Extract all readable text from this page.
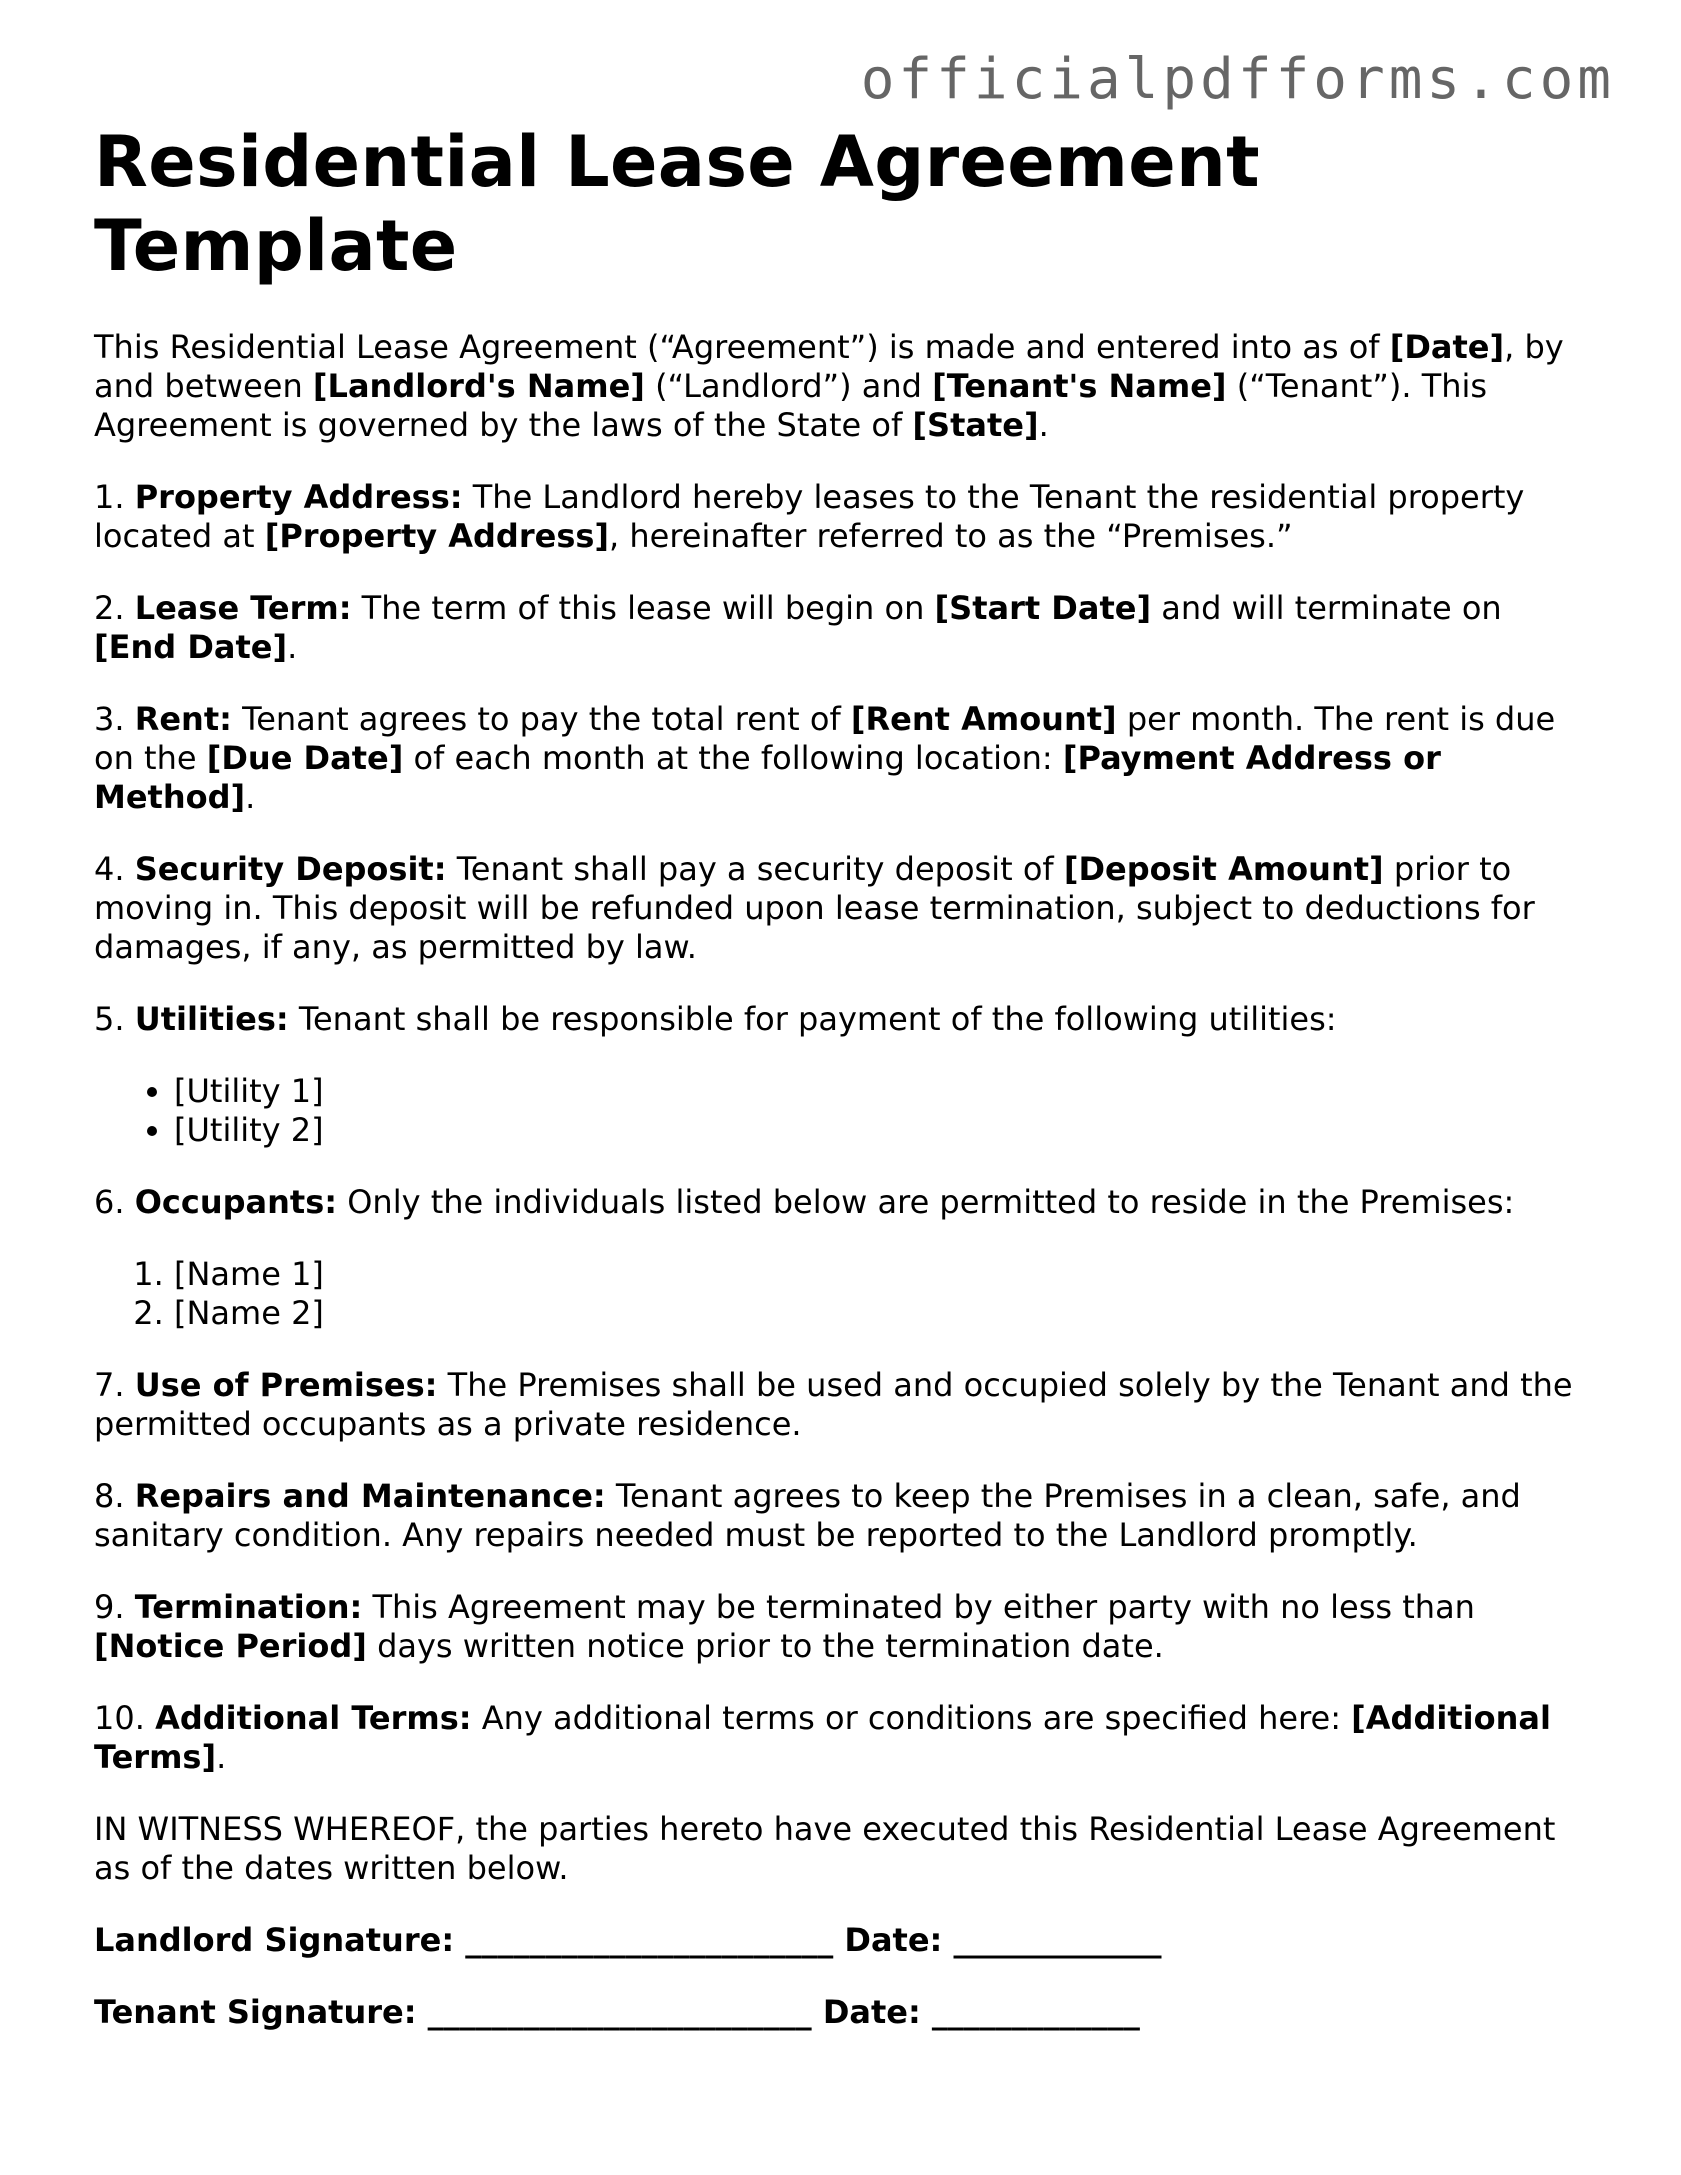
officialpdfforms.com
Residential Lease Agreement Template

This Residential Lease Agreement (“Agreement”) is made and entered into as of [Date], by and between [Landlord's Name] (“Landlord”) and [Tenant's Name] (“Tenant”). This Agreement is governed by the laws of the State of [State].

1. Property Address: The Landlord hereby leases to the Tenant the residential property located at [Property Address], hereinafter referred to as the “Premises.”

2. Lease Term: The term of this lease will begin on [Start Date] and will terminate on [End Date].

3. Rent: Tenant agrees to pay the total rent of [Rent Amount] per month. The rent is due on the [Due Date] of each month at the following location: [Payment Address or Method].

4. Security Deposit: Tenant shall pay a security deposit of [Deposit Amount] prior to moving in. This deposit will be refunded upon lease termination, subject to deductions for damages, if any, as permitted by law.

5. Utilities: Tenant shall be responsible for payment of the following utilities:

• [Utility 1]
• [Utility 2]

6. Occupants: Only the individuals listed below are permitted to reside in the Premises:

1. [Name 1]
2. [Name 2]

7. Use of Premises: The Premises shall be used and occupied solely by the Tenant and the permitted occupants as a private residence.

8. Repairs and Maintenance: Tenant agrees to keep the Premises in a clean, safe, and sanitary condition. Any repairs needed must be reported to the Landlord promptly.

9. Termination: This Agreement may be terminated by either party with no less than [Notice Period] days written notice prior to the termination date.

10. Additional Terms: Any additional terms or conditions are specified here: [Additional Terms].

IN WITNESS WHEREOF, the parties hereto have executed this Residential Lease Agreement as of the dates written below.

Landlord Signature: _______________________ Date: _____________
Tenant Signature: ________________________ Date: _____________
